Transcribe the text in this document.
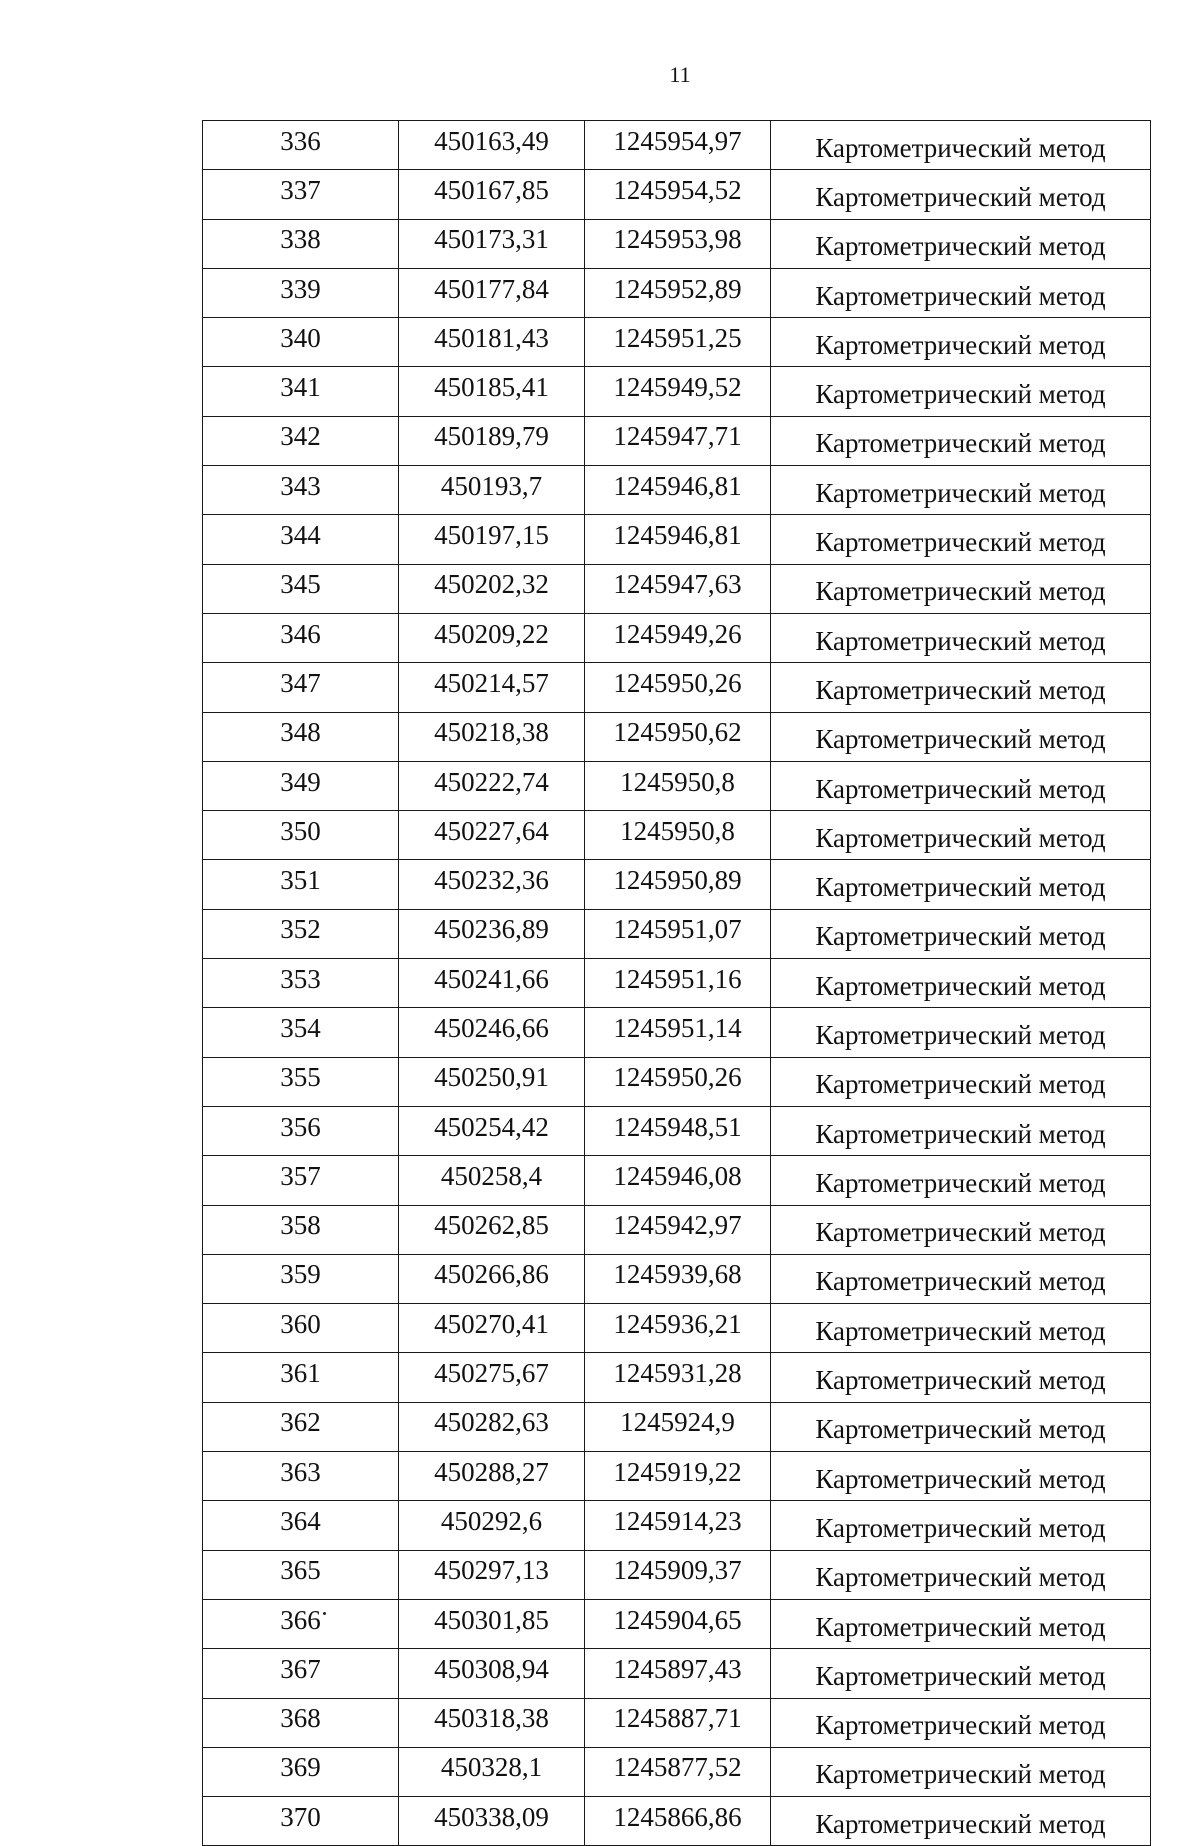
11
336	450163,49	1245954,97	Картометрический метод
337	450167,85	1245954,52	Картометрический метод
338	450173,31	1245953,98	Картометрический метод
339	450177,84	1245952,89	Картометрический метод
340	450181,43	1245951,25	Картометрический метод
341	450185,41	1245949,52	Картометрический метод
342	450189,79	1245947,71	Картометрический метод
343	450193,7	1245946,81	Картометрический метод
344	450197,15	1245946,81	Картометрический метод
345	450202,32	1245947,63	Картометрический метод
346	450209,22	1245949,26	Картометрический метод
347	450214,57	1245950,26	Картометрический метод
348	450218,38	1245950,62	Картометрический метод
349	450222,74	1245950,8	Картометрический метод
350	450227,64	1245950,8	Картометрический метод
351	450232,36	1245950,89	Картометрический метод
352	450236,89	1245951,07	Картометрический метод
353	450241,66	1245951,16	Картометрический метод
354	450246,66	1245951,14	Картометрический метод
355	450250,91	1245950,26	Картометрический метод
356	450254,42	1245948,51	Картометрический метод
357	450258,4	1245946,08	Картометрический метод
358	450262,85	1245942,97	Картометрический метод
359	450266,86	1245939,68	Картометрический метод
360	450270,41	1245936,21	Картометрический метод
361	450275,67	1245931,28	Картометрический метод
362	450282,63	1245924,9	Картометрический метод
363	450288,27	1245919,22	Картометрический метод
364	450292,6	1245914,23	Картометрический метод
365	450297,13	1245909,37	Картометрический метод
366	450301,85	1245904,65	Картометрический метод
367	450308,94	1245897,43	Картометрический метод
368	450318,38	1245887,71	Картометрический метод
369	450328,1	1245877,52	Картометрический метод
370	450338,09	1245866,86	Картометрический метод
